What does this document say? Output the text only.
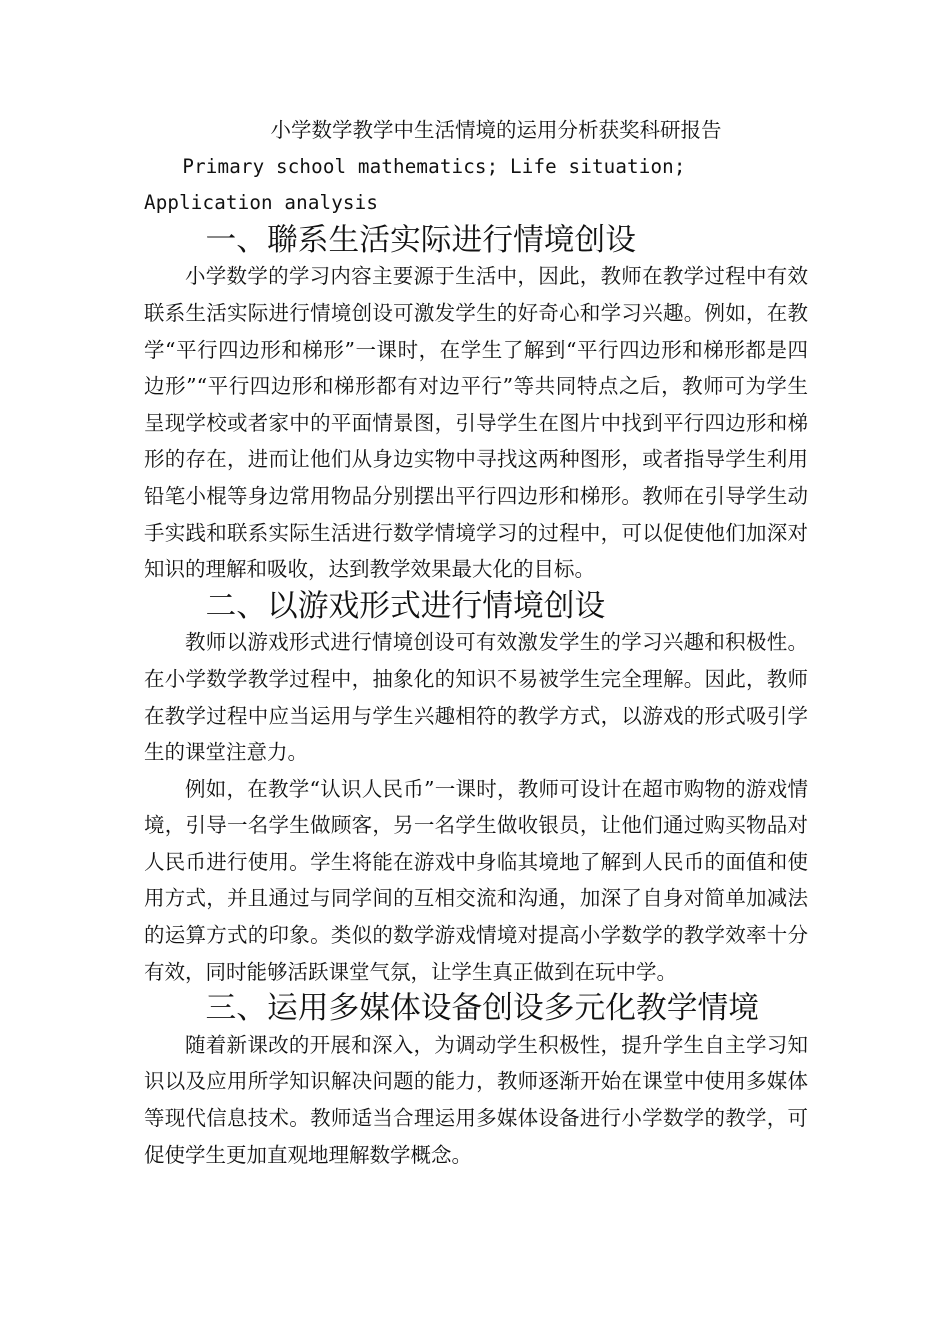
小学数学教学中生活情境的运用分析获奖科研报告

Primary school mathematics; Life situation; Application analysis

一、聯系生活实际进行情境创设

小学数学的学习内容主要源于生活中，因此，教师在教学过程中有效联系生活实际进行情境创设可激发学生的好奇心和学习兴趣。例如，在教学“平行四边形和梯形”一课时，在学生了解到“平行四边形和梯形都是四边形”“平行四边形和梯形都有对边平行”等共同特点之后，教师可为学生呈现学校或者家中的平面情景图，引导学生在图片中找到平行四边形和梯形的存在，进而让他们从身边实物中寻找这两种图形，或者指导学生利用铅笔小棍等身边常用物品分别摆出平行四边形和梯形。教师在引导学生动手实践和联系实际生活进行数学情境学习的过程中，可以促使他们加深对知识的理解和吸收，达到教学效果最大化的目标。

二、以游戏形式进行情境创设

教师以游戏形式进行情境创设可有效激发学生的学习兴趣和积极性。在小学数学教学过程中，抽象化的知识不易被学生完全理解。因此，教师在教学过程中应当运用与学生兴趣相符的教学方式，以游戏的形式吸引学生的课堂注意力。

例如，在教学“认识人民币”一课时，教师可设计在超市购物的游戏情境，引导一名学生做顾客，另一名学生做收银员，让他们通过购买物品对人民币进行使用。学生将能在游戏中身临其境地了解到人民币的面值和使用方式，并且通过与同学间的互相交流和沟通，加深了自身对简单加减法的运算方式的印象。类似的数学游戏情境对提高小学数学的教学效率十分有效，同时能够活跃课堂气氛，让学生真正做到在玩中学。

三、运用多媒体设备创设多元化教学情境

随着新课改的开展和深入，为调动学生积极性，提升学生自主学习知识以及应用所学知识解决问题的能力，教师逐渐开始在课堂中使用多媒体等现代信息技术。教师适当合理运用多媒体设备进行小学数学的教学，可促使学生更加直观地理解数学概念。
